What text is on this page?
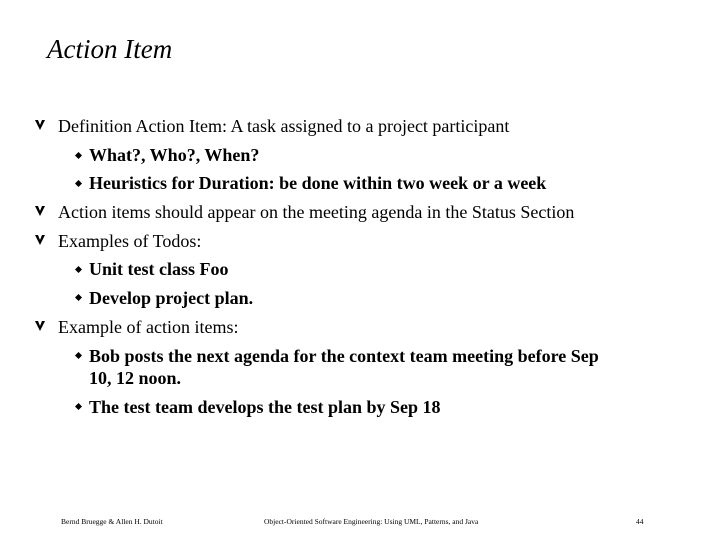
Action Item
Definition Action Item: A task assigned to a project participant
What?, Who?, When?
Heuristics for Duration: be done within two week or a week
Action items should appear on the meeting agenda in the Status Section
Examples of Todos:
Unit test class Foo
Develop project plan.
Example of action items:
Bob posts the next agenda for the context team meeting before Sep
10, 12 noon.
The test team develops the test plan by Sep 18
Bernd Bruegge & Allen H. Dutoit	Object-Oriented Software Engineering: Using UML, Patterns, and Java	44
